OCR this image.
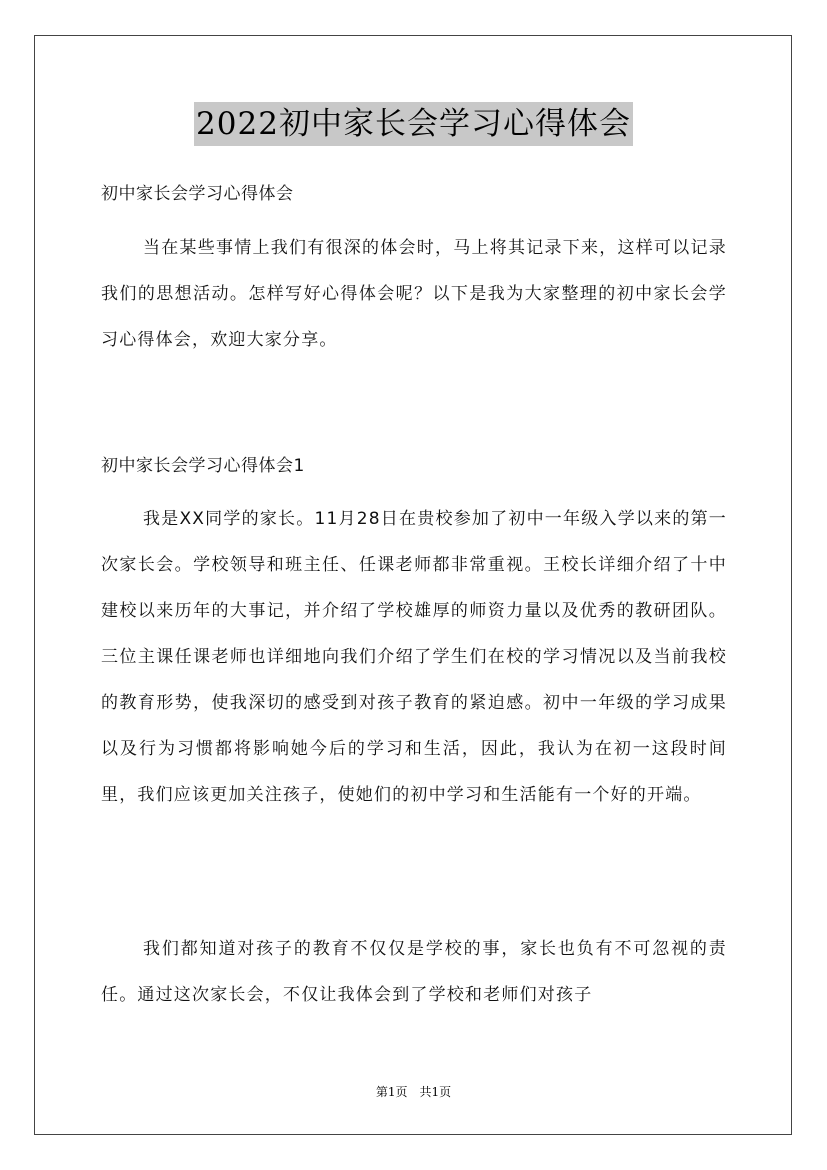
2022初中家长会学习心得体会
初中家长会学习心得体会
当在某些事情上我们有很深的体会时，马上将其记录下来，这样可以记录我们的思想活动。怎样写好心得体会呢？以下是我为大家整理的初中家长会学习心得体会，欢迎大家分享。
初中家长会学习心得体会1
我是XX同学的家长。11月28日在贵校参加了初中一年级入学以来的第一次家长会。学校领导和班主任、任课老师都非常重视。王校长详细介绍了十中建校以来历年的大事记，并介绍了学校雄厚的师资力量以及优秀的教研团队。三位主课任课老师也详细地向我们介绍了学生们在校的学习情况以及当前我校的教育形势，使我深切的感受到对孩子教育的紧迫感。初中一年级的学习成果以及行为习惯都将影响她今后的学习和生活，因此，我认为在初一这段时间里，我们应该更加关注孩子，使她们的初中学习和生活能有一个好的开端。
我们都知道对孩子的教育不仅仅是学校的事，家长也负有不可忽视的责任。通过这次家长会，不仅让我体会到了学校和老师们对孩子
第1页　共1页
